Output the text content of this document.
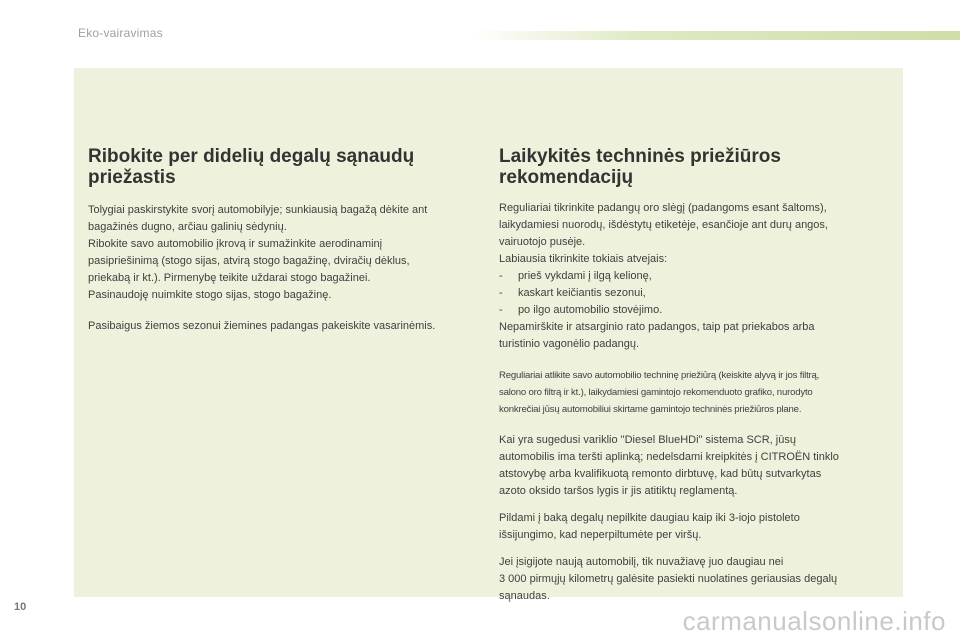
Eko-vairavimas
Ribokite per didelių degalų sąnaudų
priežastis

Tolygiai paskirstykite svorį automobilyje; sunkiausią bagažą dėkite ant
bagažinės dugno, arčiau galinių sėdynių.
Ribokite savo automobilio įkrovą ir sumažinkite aerodinaminį
pasipriešinimą (stogo sijas, atvirą stogo bagažinę, dviračių dėklus,
priekabą ir kt.). Pirmenybę teikite uždarai stogo bagažinei.
Pasinaudoję nuimkite stogo sijas, stogo bagažinę.

Pasibaigus žiemos sezonui žiemines padangas pakeiskite vasarinėmis.

Laikykitės techninės priežiūros
rekomendacijų

Reguliariai tikrinkite padangų oro slėgį (padangoms esant šaltoms),
laikydamiesi nuorodų, išdėstytų etiketėje, esančioje ant durų angos,
vairuotojo pusėje.
Labiausia tikrinkite tokiais atvejais:
-     prieš vykdami į ilgą kelionę,
-     kaskart keičiantis sezonui,
-     po ilgo automobilio stovėjimo.
Nepamirškite ir atsarginio rato padangos, taip pat priekabos arba
turistinio vagonėlio padangų.

Reguliariai atlikite savo automobilio techninę priežiūrą (keiskite alyvą ir jos filtrą,
salono oro filtrą ir kt.), laikydamiesi gamintojo rekomenduoto grafiko, nurodyto
konkrečiai jūsų automobiliui skirtame gamintojo techninės priežiūros plane.

Kai yra sugedusi variklio "Diesel BlueHDi" sistema SCR, jūsų
automobilis ima teršti aplinką; nedelsdami kreipkitės į CITROËN tinklo
atstovybę arba kvalifikuotą remonto dirbtuvę, kad būtų sutvarkytas
azoto oksido taršos lygis ir jis atitiktų reglamentą.

Pildami į baką degalų nepilkite daugiau kaip iki 3-iojo pistoleto
išsijungimo, kad neperpiltumėte per viršų.

Jei įsigijote naują automobilį, tik nuvažiavę juo daugiau nei
3 000 pirmųjų kilometrų galėsite pasiekti nuolatines geriausias degalų
sąnaudas.

10	carmanualsonline.info
